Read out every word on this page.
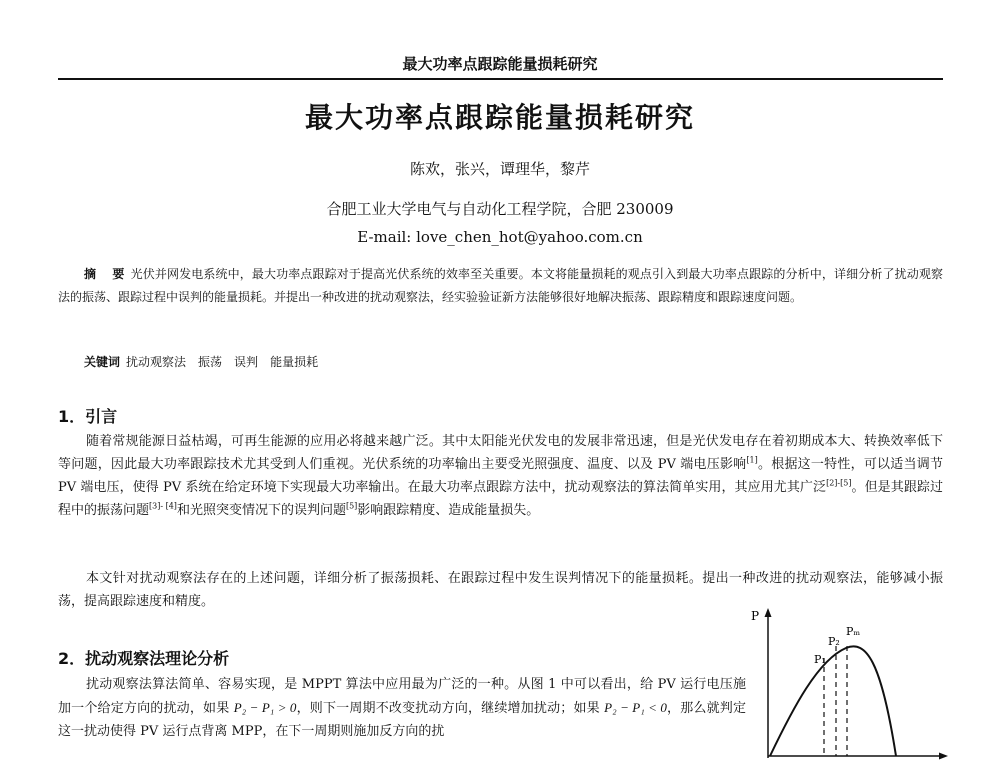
最大功率点跟踪能量损耗研究
最大功率点跟踪能量损耗研究
陈欢，张兴，谭理华，黎芹
合肥工业大学电气与自动化工程学院，合肥 230009
E-mail: love_chen_hot@yahoo.com.cn
摘 要光伏并网发电系统中，最大功率点跟踪对于提高光伏系统的效率至关重要。本文将能量损耗的观点引入到最大功率点跟踪的分析中，详细分析了扰动观察法的振荡、跟踪过程中误判的能量损耗。并提出一种改进的扰动观察法，经实验验证新方法能够很好地解决振荡、跟踪精度和跟踪速度问题。
关键词 扰动观察法 振荡 误判 能量损耗
1．引言
随着常规能源日益枯竭，可再生能源的应用必将越来越广泛。其中太阳能光伏发电的发展非常迅速，但是光伏发电存在着初期成本大、转换效率低下等问题，因此最大功率跟踪技术尤其受到人们重视。光伏系统的功率输出主要受光照强度、温度、以及 PV 端电压影响[1]。根据这一特性，可以适当调节 PV 端电压，使得 PV 系统在给定环境下实现最大功率输出。在最大功率点跟踪方法中，扰动观察法的算法简单实用，其应用尤其广泛[2]-[5]。但是其跟踪过程中的振荡问题[3]- [4]和光照突变情况下的误判问题[5]影响跟踪精度、造成能量损失。
本文针对扰动观察法存在的上述问题，详细分析了振荡损耗、在跟踪过程中发生误判情况下的能量损耗。提出一种改进的扰动观察法，能够减小振荡，提高跟踪速度和精度。
2．扰动观察法理论分析
扰动观察法算法简单、容易实现，是 MPPT 算法中应用最为广泛的一种。从图 1 中可以看出，给 PV 运行电压施加一个给定方向的扰动，如果 P₂ − P₁ > 0，则下一周期不改变扰动方向，继续增加扰动；如果 P₂ − P₁ < 0，那么就判定这一扰动使得 PV 运行点背离 MPP，在下一周期则施加反方向的扰
P
P₁
P₂
Pₘ
